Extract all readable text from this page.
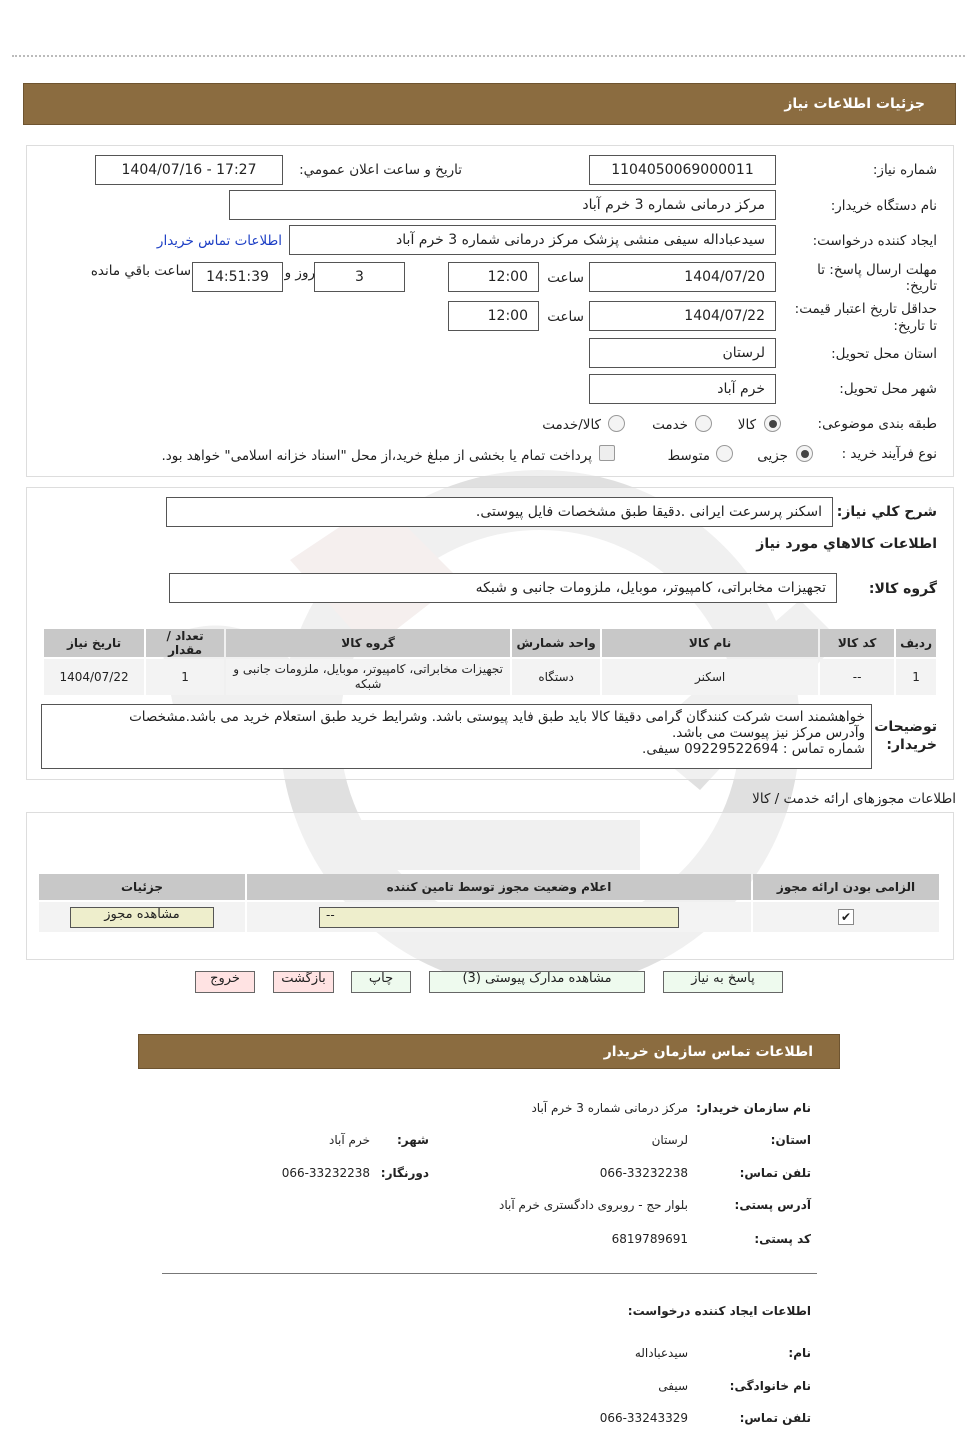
جزئیات اطلاعات نیاز
شماره نیاز:
1104050069000011
تاریخ و ساعت اعلان عمومي:
1404/07/16 - 17:27
نام دستگاه خریدار:
مرکز درمانی شماره 3 خرم آباد
ایجاد کننده درخواست:
سیدعباداله سیفی منشی پزشک مرکز درمانی شماره 3 خرم آباد
اطلاعات تماس خریدار
مهلت ارسال پاسخ: تا
تاریخ:
1404/07/20
ساعت
12:00
3
روز و
14:51:39
ساعت باقي مانده
حداقل تاریخ اعتبار قیمت:
تا تاریخ:
1404/07/22
ساعت
12:00
استان محل تحویل:
لرستان
شهر محل تحویل:
خرم آباد
طبقه بندی موضوعی:
کالا
خدمت
کالا/خدمت
نوع فرآیند خرید :
جزیی
متوسط
پرداخت تمام یا بخشی از مبلغ خرید،از محل "اسناد خزانه اسلامی" خواهد بود.
شرح كلي نياز:
اسکنر پرسرعت ایرانی .دقیقا طبق مشخصات فایل پیوستی.
اطلاعات كالاهاي مورد نياز
گروه کالا:
تجهیزات مخابراتی، کامپیوتر، موبایل، ملزومات جانبی و شبکه
ردیف	کد کالا	نام کالا	واحد شمارش	گروه کالا	تعداد / مقدار	تاریخ نیاز
1	--	اسکنر	دستگاه	تجهیزات مخابراتی، کامپیوتر، موبایل، ملزومات جانبی و شبکه	1	1404/07/22
توضیحات
خریدار:
خواهشمند است شرکت کنندگان گرامی دقیقا کالا باید طبق فاید پیوستی باشد. وشرایط خرید طبق استعلام خرید می باشد.مشخصات
وآدرس مرکز نیز پیوست می باشد.
شماره تماس : 09229522694 سیفی.
اطلاعات مجوزهای ارائه خدمت / کالا
الزامی بودن ارائه مجوز	اعلام وضعیت مجوز توسط تامین کننده	جزئیات
✔	--	مشاهده مجوز
پاسخ به نیاز
مشاهده مدارک پیوستی (3)
چاپ
بازگشت
خروج
اطلاعات تماس سازمان خریدار
نام سازمان خریدار:
مرکز درمانی شماره 3 خرم آباد
استان:
لرستان
شهر:
خرم آباد
تلفن تماس:
066-33232238
دورنگار:
066-33232238
آدرس پستی:
بلوار حج - روبروی دادگستری خرم آباد
کد پستی:
6819789691
اطلاعات ایجاد کننده درخواست:
نام:
سیدعباداله
نام خانوادگی:
سیفی
تلفن تماس:
066-33243329
